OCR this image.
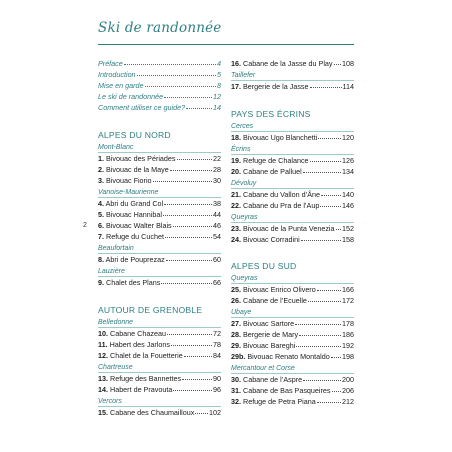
2
Ski de randonnée
Préface	4
Introduction	5
Mise en garde	8
Le ski de randonnée	12
Comment utiliser ce guide?	14
ALPES DU NORD
Mont-Blanc
1. Bivouac des Périades	22
2. Bivouac de la Maye	28
3. Bivouac Fiorio	30
Vanoise-Maurienne
4. Abri du Grand Col	38
5. Bivouac Hannibal	44
6. Bivouac Walter Blais	46
7. Refuge du Cuchet	54
Beaufortain
8. Abri de Pouprezaz	60
Lauzière
9. Chalet des Plans	66
AUTOUR DE GRENOBLE
Belledonne
10. Cabane Chazeau	72
11. Habert des Jarlons	78
12. Chalet de la Fouetterie	84
Chartreuse
13. Refuge des Bannettes	90
14. Habert de Pravouta	96
Vercors
15. Cabane des Chaumailloux 102
16. Cabane de la Jasse du Play 108
Taillefer
17. Bergerie de la Jasse	114
PAYS DES ÉCRINS
Cerces
18. Bivouac Ugo Blanchetti	120
Écrins
19. Refuge de Chalance	126
20. Cabane de Palluel	134
Dévoluy
21. Cabane du Vallon d’Âne	140
22. Cabane du Pra de l’Aup	146
Queyras
23. Bivouac de la Punta Venezia 152
24. Bivouac Corradini	158
ALPES DU SUD
Queyras
25. Bivouac Enrico Olivero	166
26. Cabane de l’Ecuelle	172
Ubaye
27. Bivouac Sartore	178
28. Bergerie de Mary	186
29. Bivouac Bareghi	192
29b. Bivouac Renato Montaldo 198
Mercantour et Corse
30. Cabane de l’Aspre	200
31. Cabane de Bas Pasqueires 206
32. Refuge de Petra Piana	212
